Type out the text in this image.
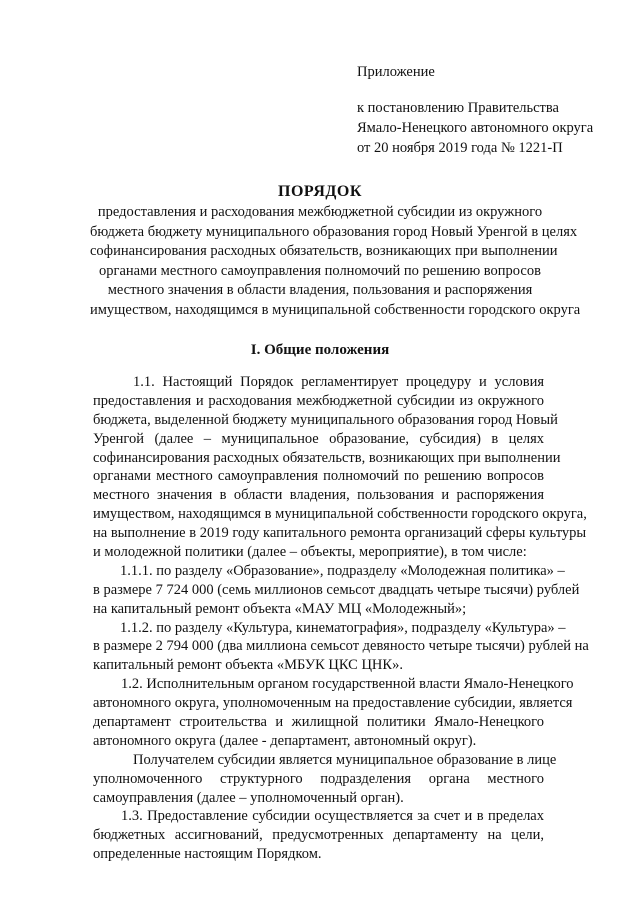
Приложение
к постановлению Правительства
Ямало-Ненецкого автономного округа
от 20 ноября 2019 года № 1221-П
ПОРЯДОК
предоставления и расходования межбюджетной субсидии из окружного
бюджета бюджету муниципального образования город Новый Уренгой в целях
софинансирования расходных обязательств, возникающих при выполнении
органами местного самоуправления полномочий по решению вопросов
местного значения в области владения, пользования и распоряжения
имуществом, находящимся в муниципальной собственности городского округа
I. Общие положения
1.1. Настоящий Порядок регламентирует процедуру и условия
предоставления и расходования межбюджетной субсидии из окружного
бюджета, выделенной бюджету муниципального образования город Новый
Уренгой (далее – муниципальное образование, субсидия) в целях
софинансирования расходных обязательств, возникающих при выполнении
органами местного самоуправления полномочий по решению вопросов
местного значения в области владения, пользования и распоряжения
имуществом, находящимся в муниципальной собственности городского округа,
на выполнение в 2019 году капитального ремонта организаций сферы культуры
и молодежной политики (далее – объекты, мероприятие), в том числе:
1.1.1. по разделу «Образование», подразделу «Молодежная политика» –
в размере 7 724 000 (семь миллионов семьсот двадцать четыре тысячи) рублей
на капитальный ремонт объекта «МАУ МЦ «Молодежный»;
1.1.2. по разделу «Культура, кинематография», подразделу «Культура» –
в размере 2 794 000 (два миллиона семьсот девяносто четыре тысячи) рублей на
капитальный ремонт объекта «МБУК ЦКС ЦНК».
1.2. Исполнительным органом государственной власти Ямало-Ненецкого
автономного округа, уполномоченным на предоставление субсидии, является
департамент строительства и жилищной политики Ямало-Ненецкого
автономного округа (далее - департамент, автономный округ).
Получателем субсидии является муниципальное образование в лице
уполномоченного структурного подразделения органа местного
самоуправления (далее – уполномоченный орган).
1.3. Предоставление субсидии осуществляется за счет и в пределах
бюджетных ассигнований, предусмотренных департаменту на цели,
определенные настоящим Порядком.
